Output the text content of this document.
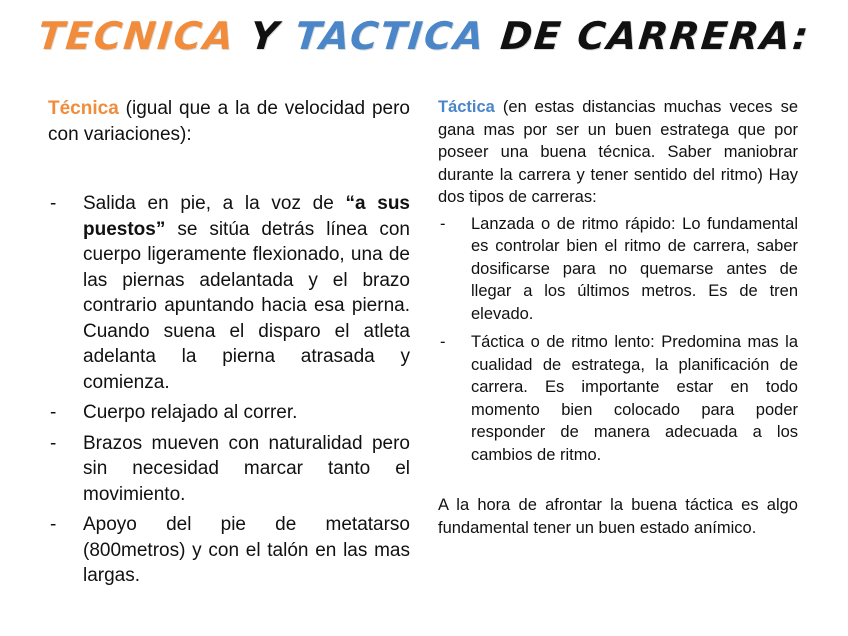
TECNICA Y TACTICA DE CARRERA:

Técnica (igual que a la de velocidad pero con variaciones):

- Salida en pie, a la voz de “a sus puestos” se sitúa detrás línea con cuerpo ligeramente flexionado, una de las piernas adelantada y el brazo contrario apuntando hacia esa pierna. Cuando suena el disparo el atleta adelanta la pierna atrasada y comienza.
- Cuerpo relajado al correr.
- Brazos mueven con naturalidad pero sin necesidad marcar tanto el movimiento.
- Apoyo del pie de metatarso (800metros) y con el talón en las mas largas.

Táctica (en estas distancias muchas veces se gana mas por ser un buen estratega que por poseer una buena técnica. Saber maniobrar durante la carrera y tener sentido del ritmo) Hay dos tipos de carreras:

- Lanzada o de ritmo rápido: Lo fundamental es controlar bien el ritmo de carrera, saber dosificarse para no quemarse antes de llegar a los últimos metros. Es de tren elevado.
- Táctica o de ritmo lento: Predomina mas la cualidad de estratega, la planificación de carrera. Es importante estar en todo momento bien colocado para poder responder de manera adecuada a los cambios de ritmo.

A la hora de afrontar la buena táctica es algo fundamental tener un buen estado anímico.
